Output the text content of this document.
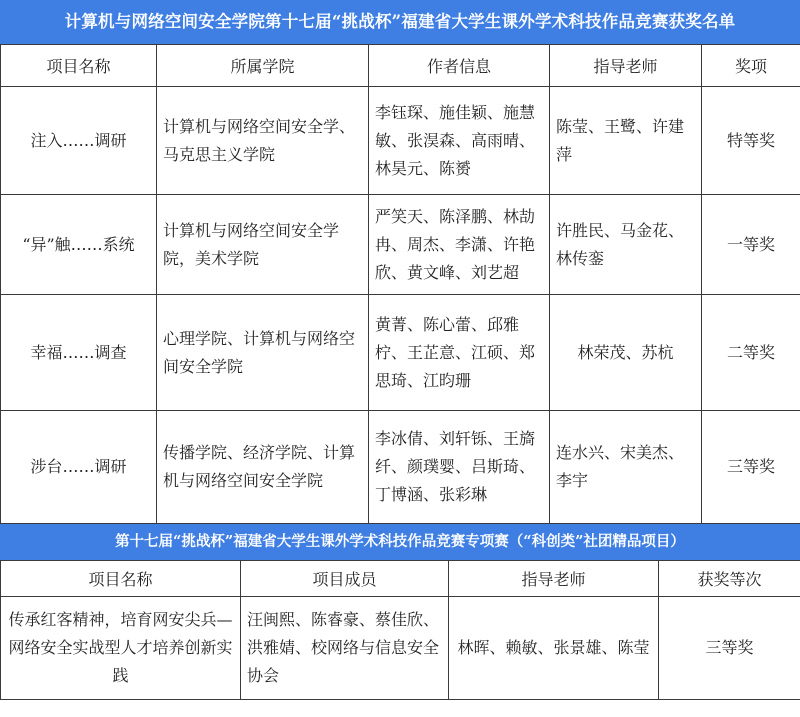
计算机与网络空间安全学院第十七届“挑战杯”福建省大学生课外学术科技作品竞赛获奖名单
项目名称	所属学院	作者信息	指导老师	奖项
注入……调研	计算机与网络空间安全学、马克思主义学院	李钰琛、施佳颖、施慧敏、张淏森、高雨晴、林昊元、陈赟	陈莹、王鹭、许建萍	特等奖
“异”触……系统	计算机与网络空间安全学院，美术学院	严笑天、陈泽鹏、林劼冉、周杰、李潇、许艳欣、黄文峰、刘艺超	许胜民、马金花、林传銮	一等奖
幸福……调查	心理学院、计算机与网络空间安全学院	黄菁、陈心蕾、邱雅柠、王芷意、江硕、郑思琦、江昀珊	林荣茂、苏杭	二等奖
涉台……调研	传播学院、经济学院、计算机与网络空间安全学院	李冰倩、刘轩铄、王旖纤、颜璞婴、吕斯琦、丁博涵、张彩琳	连水兴、宋美杰、李宇	三等奖
第十七届“挑战杯”福建省大学生课外学术科技作品竞赛专项赛（“科创类”社团精品项目）
项目名称	项目成员	指导老师	获奖等次
传承红客精神，培育网安尖兵—网络安全实战型人才培养创新实践	汪闽熙、陈睿豪、蔡佳欣、洪雅婧、校网络与信息安全协会	林晖、赖敏、张景雄、陈莹	三等奖
